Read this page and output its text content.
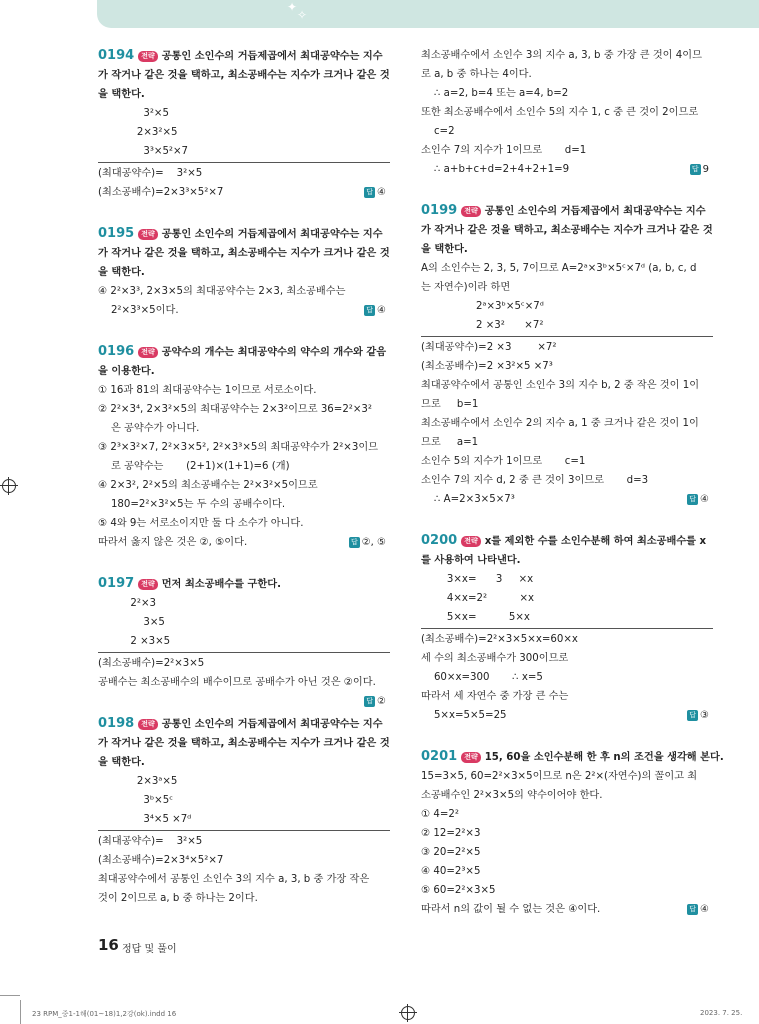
✦
✧
0194 전략 공통인 소인수의 거듭제곱에서 최대공약수는 지수
가 작거나 같은 것을 택하고, 최소공배수는 지수가 크거나 같은 것
을 택한다.
3²×5
2×3²×5
3³×5²×7
(최대공약수)=    3²×5
(최소공배수)=2×3³×5²×7	답 ④
0195 전략 공통인 소인수의 거듭제곱에서 최대공약수는 지수
가 작거나 같은 것을 택하고, 최소공배수는 지수가 크거나 같은 것
을 택한다.
④ 2²×3³, 2×3×5의 최대공약수는 2×3, 최소공배수는
2²×3³×5이다.	답 ④
0196 전략 공약수의 개수는 최대공약수의 약수의 개수와 같음
을 이용한다.
① 16과 81의 최대공약수는 1이므로 서로소이다.
② 2²×3⁴, 2×3²×5의 최대공약수는 2×3²이므로 36=2²×3²
은 공약수가 아니다.
③ 2³×3²×7, 2²×3×5², 2²×3³×5의 최대공약수가 2²×3이므
로 공약수는       (2+1)×(1+1)=6 (개)
④ 2×3², 2²×5의 최소공배수는 2²×3²×5이므로
180=2²×3²×5는 두 수의 공배수이다.
⑤ 4와 9는 서로소이지만 둘 다 소수가 아니다.
따라서 옳지 않은 것은 ②, ⑤이다.	답 ②, ⑤
0197 전략 먼저 최소공배수를 구한다.
2²×3
3×5
2 ×3×5
(최소공배수)=2²×3×5
공배수는 최소공배수의 배수이므로 공배수가 아닌 것은 ②이다.
답 ②
0198 전략 공통인 소인수의 거듭제곱에서 최대공약수는 지수
가 작거나 같은 것을 택하고, 최소공배수는 지수가 크거나 같은 것
을 택한다.
2×3ᵃ×5
3ᵇ×5ᶜ
3⁴×5 ×7ᵈ
(최대공약수)=    3²×5
(최소공배수)=2×3⁴×5²×7
최대공약수에서 공통인 소인수 3의 지수 a, 3, b 중 가장 작은
것이 2이므로 a, b 중 하나는 2이다.
최소공배수에서 소인수 3의 지수 a, 3, b 중 가장 큰 것이 4이므
로 a, b 중 하나는 4이다.
∴ a=2, b=4 또는 a=4, b=2
또한 최소공배수에서 소인수 5의 지수 1, c 중 큰 것이 2이므로
c=2
소인수 7의 지수가 1이므로       d=1
∴ a+b+c+d=2+4+2+1=9	답 9
0199 전략 공통인 소인수의 거듭제곱에서 최대공약수는 지수
가 작거나 같은 것을 택하고, 최소공배수는 지수가 크거나 같은 것
을 택한다.
A의 소인수는 2, 3, 5, 7이므로 A=2ᵃ×3ᵇ×5ᶜ×7ᵈ (a, b, c, d
는 자연수)이라 하면
2ᵃ×3ᵇ×5ᶜ×7ᵈ
2 ×3²      ×7²
(최대공약수)=2 ×3        ×7²
(최소공배수)=2 ×3²×5 ×7³
최대공약수에서 공통인 소인수 3의 지수 b, 2 중 작은 것이 1이
므로     b=1
최소공배수에서 소인수 2의 지수 a, 1 중 크거나 같은 것이 1이
므로     a=1
소인수 5의 지수가 1이므로       c=1
소인수 7의 지수 d, 2 중 큰 것이 3이므로       d=3
∴ A=2×3×5×7³	답 ④
0200 전략 x를 제외한 수를 소인수분해 하여 최소공배수를 x
를 사용하여 나타낸다.
3×x=      3     ×x
4×x=2²          ×x
5×x=          5×x
(최소공배수)=2²×3×5×x=60×x
세 수의 최소공배수가 300이므로
60×x=300       ∴ x=5
따라서 세 자연수 중 가장 큰 수는
5×x=5×5=25	답 ③
0201 전략 15, 60을 소인수분해 한 후 n의 조건을 생각해 본다.
15=3×5, 60=2²×3×5이므로 n은 2²×(자연수)의 꼴이고 최
소공배수인 2²×3×5의 약수이어야 한다.
① 4=2²
② 12=2²×3
③ 20=2²×5
④ 40=2³×5
⑤ 60=2²×3×5
따라서 n의 값이 될 수 없는 것은 ④이다.	답 ④
16 정답 및 풀이
23 RPM_중1-1해(01~18)1,2강(ok).indd 16	2023. 7. 25.
